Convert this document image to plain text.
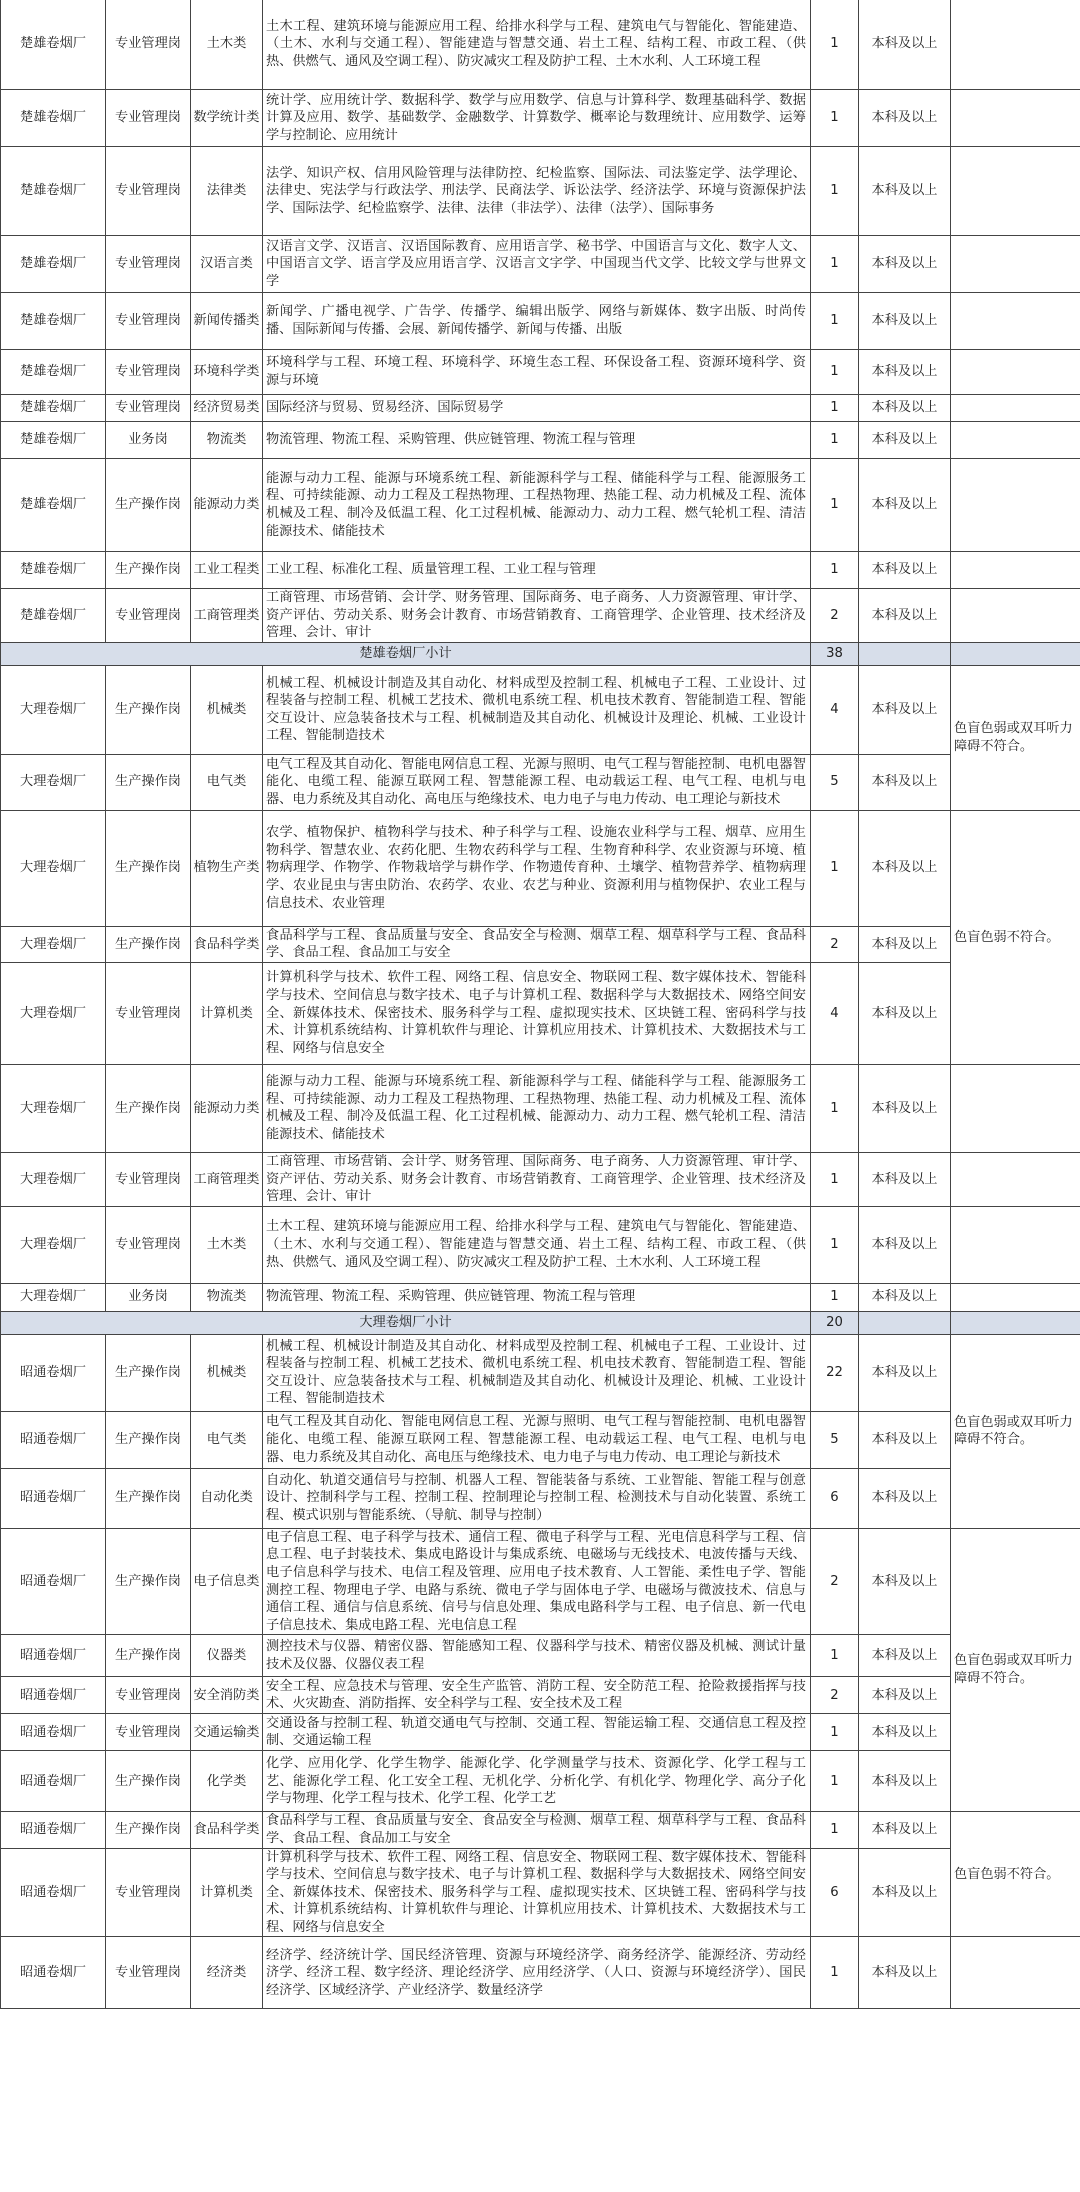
楚雄卷烟厂	专业管理岗	土木类	土木工程、建筑环境与能源应用工程、给排水科学与工程、建筑电气与智能化、智能建造、（土木、水利与交通工程）、智能建造与智慧交通、岩土工程、结构工程、市政工程、（供热、供燃气、通风及空调工程）、防灾减灾工程及防护工程、土木水利、人工环境工程	1	本科及以上	
楚雄卷烟厂	专业管理岗	数学统计类	统计学、应用统计学、数据科学、数学与应用数学、信息与计算科学、数理基础科学、数据计算及应用、数学、基础数学、金融数学、计算数学、概率论与数理统计、应用数学、运筹学与控制论、应用统计	1	本科及以上	
楚雄卷烟厂	专业管理岗	法律类	法学、知识产权、信用风险管理与法律防控、纪检监察、国际法、司法鉴定学、法学理论、法律史、宪法学与行政法学、刑法学、民商法学、诉讼法学、经济法学、环境与资源保护法学、国际法学、纪检监察学、法律、法律（非法学）、法律（法学）、国际事务	1	本科及以上	
楚雄卷烟厂	专业管理岗	汉语言类	汉语言文学、汉语言、汉语国际教育、应用语言学、秘书学、中国语言与文化、数字人文、中国语言文学、语言学及应用语言学、汉语言文字学、中国现当代文学、比较文学与世界文学	1	本科及以上	
楚雄卷烟厂	专业管理岗	新闻传播类	新闻学、广播电视学、广告学、传播学、编辑出版学、网络与新媒体、数字出版、时尚传播、国际新闻与传播、会展、新闻传播学、新闻与传播、出版	1	本科及以上	
楚雄卷烟厂	专业管理岗	环境科学类	环境科学与工程、环境工程、环境科学、环境生态工程、环保设备工程、资源环境科学、资源与环境	1	本科及以上	
楚雄卷烟厂	专业管理岗	经济贸易类	国际经济与贸易、贸易经济、国际贸易学	1	本科及以上	
楚雄卷烟厂	业务岗	物流类	物流管理、物流工程、采购管理、供应链管理、物流工程与管理	1	本科及以上	
楚雄卷烟厂	生产操作岗	能源动力类	能源与动力工程、能源与环境系统工程、新能源科学与工程、储能科学与工程、能源服务工程、可持续能源、动力工程及工程热物理、工程热物理、热能工程、动力机械及工程、流体机械及工程、制冷及低温工程、化工过程机械、能源动力、动力工程、燃气轮机工程、清洁能源技术、储能技术	1	本科及以上	
楚雄卷烟厂	生产操作岗	工业工程类	工业工程、标准化工程、质量管理工程、工业工程与管理	1	本科及以上	
楚雄卷烟厂	专业管理岗	工商管理类	工商管理、市场营销、会计学、财务管理、国际商务、电子商务、人力资源管理、审计学、资产评估、劳动关系、财务会计教育、市场营销教育、工商管理学、企业管理、技术经济及管理、会计、审计	2	本科及以上	
楚雄卷烟厂小计				38		
大理卷烟厂	生产操作岗	机械类	机械工程、机械设计制造及其自动化、材料成型及控制工程、机械电子工程、工业设计、过程装备与控制工程、机械工艺技术、微机电系统工程、机电技术教育、智能制造工程、智能交互设计、应急装备技术与工程、机械制造及其自动化、机械设计及理论、机械、工业设计工程、智能制造技术	4	本科及以上	色盲色弱或双耳听力障碍不符合。
大理卷烟厂	生产操作岗	电气类	电气工程及其自动化、智能电网信息工程、光源与照明、电气工程与智能控制、电机电器智能化、电缆工程、能源互联网工程、智慧能源工程、电动载运工程、电气工程、电机与电器、电力系统及其自动化、高电压与绝缘技术、电力电子与电力传动、电工理论与新技术	5	本科及以上	
大理卷烟厂	生产操作岗	植物生产类	农学、植物保护、植物科学与技术、种子科学与工程、设施农业科学与工程、烟草、应用生物科学、智慧农业、农药化肥、生物农药科学与工程、生物育种科学、农业资源与环境、植物病理学、作物学、作物栽培学与耕作学、作物遗传育种、土壤学、植物营养学、植物病理学、农业昆虫与害虫防治、农药学、农业、农艺与种业、资源利用与植物保护、农业工程与信息技术、农业管理	1	本科及以上	色盲色弱不符合。
大理卷烟厂	生产操作岗	食品科学类	食品科学与工程、食品质量与安全、食品安全与检测、烟草工程、烟草科学与工程、食品科学、食品工程、食品加工与安全	2	本科及以上	
大理卷烟厂	专业管理岗	计算机类	计算机科学与技术、软件工程、网络工程、信息安全、物联网工程、数字媒体技术、智能科学与技术、空间信息与数字技术、电子与计算机工程、数据科学与大数据技术、网络空间安全、新媒体技术、保密技术、服务科学与工程、虚拟现实技术、区块链工程、密码科学与技术、计算机系统结构、计算机软件与理论、计算机应用技术、计算机技术、大数据技术与工程、网络与信息安全	4	本科及以上	
大理卷烟厂	生产操作岗	能源动力类	能源与动力工程、能源与环境系统工程、新能源科学与工程、储能科学与工程、能源服务工程、可持续能源、动力工程及工程热物理、工程热物理、热能工程、动力机械及工程、流体机械及工程、制冷及低温工程、化工过程机械、能源动力、动力工程、燃气轮机工程、清洁能源技术、储能技术	1	本科及以上	
大理卷烟厂	专业管理岗	工商管理类	工商管理、市场营销、会计学、财务管理、国际商务、电子商务、人力资源管理、审计学、资产评估、劳动关系、财务会计教育、市场营销教育、工商管理学、企业管理、技术经济及管理、会计、审计	1	本科及以上	
大理卷烟厂	专业管理岗	土木类	土木工程、建筑环境与能源应用工程、给排水科学与工程、建筑电气与智能化、智能建造、（土木、水利与交通工程）、智能建造与智慧交通、岩土工程、结构工程、市政工程、（供热、供燃气、通风及空调工程）、防灾减灾工程及防护工程、土木水利、人工环境工程	1	本科及以上	
大理卷烟厂	业务岗	物流类	物流管理、物流工程、采购管理、供应链管理、物流工程与管理	1	本科及以上	
大理卷烟厂小计				20		
昭通卷烟厂	生产操作岗	机械类	机械工程、机械设计制造及其自动化、材料成型及控制工程、机械电子工程、工业设计、过程装备与控制工程、机械工艺技术、微机电系统工程、机电技术教育、智能制造工程、智能交互设计、应急装备技术与工程、机械制造及其自动化、机械设计及理论、机械、工业设计工程、智能制造技术	22	本科及以上	色盲色弱或双耳听力障碍不符合。
昭通卷烟厂	生产操作岗	电气类	电气工程及其自动化、智能电网信息工程、光源与照明、电气工程与智能控制、电机电器智能化、电缆工程、能源互联网工程、智慧能源工程、电动载运工程、电气工程、电机与电器、电力系统及其自动化、高电压与绝缘技术、电力电子与电力传动、电工理论与新技术	5	本科及以上	
昭通卷烟厂	生产操作岗	自动化类	自动化、轨道交通信号与控制、机器人工程、智能装备与系统、工业智能、智能工程与创意设计、控制科学与工程、控制工程、控制理论与控制工程、检测技术与自动化装置、系统工程、模式识别与智能系统、（导航、制导与控制）	6	本科及以上	
昭通卷烟厂	生产操作岗	电子信息类	电子信息工程、电子科学与技术、通信工程、微电子科学与工程、光电信息科学与工程、信息工程、电子封装技术、集成电路设计与集成系统、电磁场与无线技术、电波传播与天线、电子信息科学与技术、电信工程及管理、应用电子技术教育、人工智能、柔性电子学、智能测控工程、物理电子学、电路与系统、微电子学与固体电子学、电磁场与微波技术、信息与通信工程、通信与信息系统、信号与信息处理、集成电路科学与工程、电子信息、新一代电子信息技术、集成电路工程、光电信息工程	2	本科及以上	色盲色弱或双耳听力障碍不符合。
昭通卷烟厂	生产操作岗	仪器类	测控技术与仪器、精密仪器、智能感知工程、仪器科学与技术、精密仪器及机械、测试计量技术及仪器、仪器仪表工程	1	本科及以上	
昭通卷烟厂	专业管理岗	安全消防类	安全工程、应急技术与管理、安全生产监管、消防工程、安全防范工程、抢险救援指挥与技术、火灾勘查、消防指挥、安全科学与工程、安全技术及工程	2	本科及以上	
昭通卷烟厂	专业管理岗	交通运输类	交通设备与控制工程、轨道交通电气与控制、交通工程、智能运输工程、交通信息工程及控制、交通运输工程	1	本科及以上	
昭通卷烟厂	生产操作岗	化学类	化学、应用化学、化学生物学、能源化学、化学测量学与技术、资源化学、化学工程与工艺、能源化学工程、化工安全工程、无机化学、分析化学、有机化学、物理化学、高分子化学与物理、化学工程与技术、化学工程、化学工艺	1	本科及以上	
昭通卷烟厂	生产操作岗	食品科学类	食品科学与工程、食品质量与安全、食品安全与检测、烟草工程、烟草科学与工程、食品科学、食品工程、食品加工与安全	1	本科及以上	色盲色弱不符合。
昭通卷烟厂	专业管理岗	计算机类	计算机科学与技术、软件工程、网络工程、信息安全、物联网工程、数字媒体技术、智能科学与技术、空间信息与数字技术、电子与计算机工程、数据科学与大数据技术、网络空间安全、新媒体技术、保密技术、服务科学与工程、虚拟现实技术、区块链工程、密码科学与技术、计算机系统结构、计算机软件与理论、计算机应用技术、计算机技术、大数据技术与工程、网络与信息安全	6	本科及以上	
昭通卷烟厂	专业管理岗	经济类	经济学、经济统计学、国民经济管理、资源与环境经济学、商务经济学、能源经济、劳动经济学、经济工程、数字经济、理论经济学、应用经济学、（人口、资源与环境经济学）、国民经济学、区域经济学、产业经济学、数量经济学	1	本科及以上	
